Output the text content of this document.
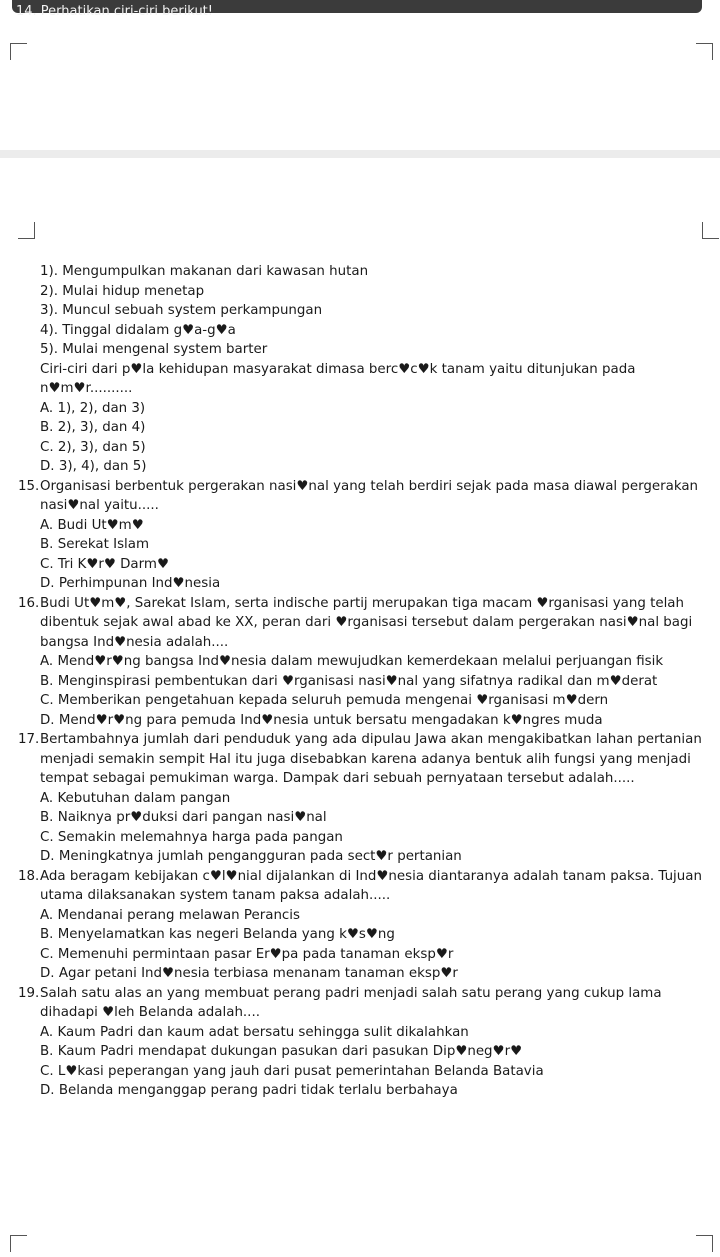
14. Perhatikan ciri-ciri berikut!
1). Mengumpulkan makanan dari kawasan hutan
2). Mulai hidup menetap
3). Muncul sebuah system perkampungan
4). Tinggal didalam g♥a-g♥a
5). Mulai mengenal system barter
Ciri-ciri dari p♥la kehidupan masyarakat dimasa berc♥c♥k tanam yaitu ditunjukan pada n♥m♥r..........
A. 1), 2), dan 3)
B. 2), 3), dan 4)
C. 2), 3), dan 5)
D. 3), 4), dan 5)
15. Organisasi berbentuk pergerakan nasi♥nal yang telah berdiri sejak pada masa diawal pergerakan nasi♥nal yaitu.....
A. Budi Ut♥m♥
B. Serekat Islam
C. Tri K♥r♥ Darm♥
D. Perhimpunan Ind♥nesia
16. Budi Ut♥m♥, Sarekat Islam, serta indische partij merupakan tiga macam ♥rganisasi yang telah dibentuk sejak awal abad ke XX, peran dari ♥rganisasi tersebut dalam pergerakan nasi♥nal bagi bangsa Ind♥nesia adalah....
A. Mend♥r♥ng bangsa Ind♥nesia dalam mewujudkan kemerdekaan melalui perjuangan fisik
B. Menginspirasi pembentukan dari ♥rganisasi nasi♥nal yang sifatnya radikal dan m♥derat
C. Memberikan pengetahuan kepada seluruh pemuda mengenai ♥rganisasi m♥dern
D. Mend♥r♥ng para pemuda Ind♥nesia untuk bersatu mengadakan k♥ngres muda
17. Bertambahnya jumlah dari penduduk yang ada dipulau Jawa akan mengakibatkan lahan pertanian menjadi semakin sempit Hal itu juga disebabkan karena adanya bentuk alih fungsi yang menjadi tempat sebagai pemukiman warga. Dampak dari sebuah pernyataan tersebut adalah.....
A. Kebutuhan dalam pangan
B. Naiknya pr♥duksi dari pangan nasi♥nal
C. Semakin melemahnya harga pada pangan
D. Meningkatnya jumlah pengangguran pada sect♥r pertanian
18. Ada beragam kebijakan c♥l♥nial dijalankan di Ind♥nesia diantaranya adalah tanam paksa. Tujuan utama dilaksanakan system tanam paksa adalah.....
A. Mendanai perang melawan Perancis
B. Menyelamatkan kas negeri Belanda yang k♥s♥ng
C. Memenuhi permintaan pasar Er♥pa pada tanaman eksp♥r
D. Agar petani Ind♥nesia terbiasa menanam tanaman eksp♥r
19. Salah satu alas an yang membuat perang padri menjadi salah satu perang yang cukup lama dihadapi ♥leh Belanda adalah....
A. Kaum Padri dan kaum adat bersatu sehingga sulit dikalahkan
B. Kaum Padri mendapat dukungan pasukan dari pasukan Dip♥neg♥r♥
C. L♥kasi peperangan yang jauh dari pusat pemerintahan Belanda Batavia
D. Belanda menganggap perang padri tidak terlalu berbahaya
